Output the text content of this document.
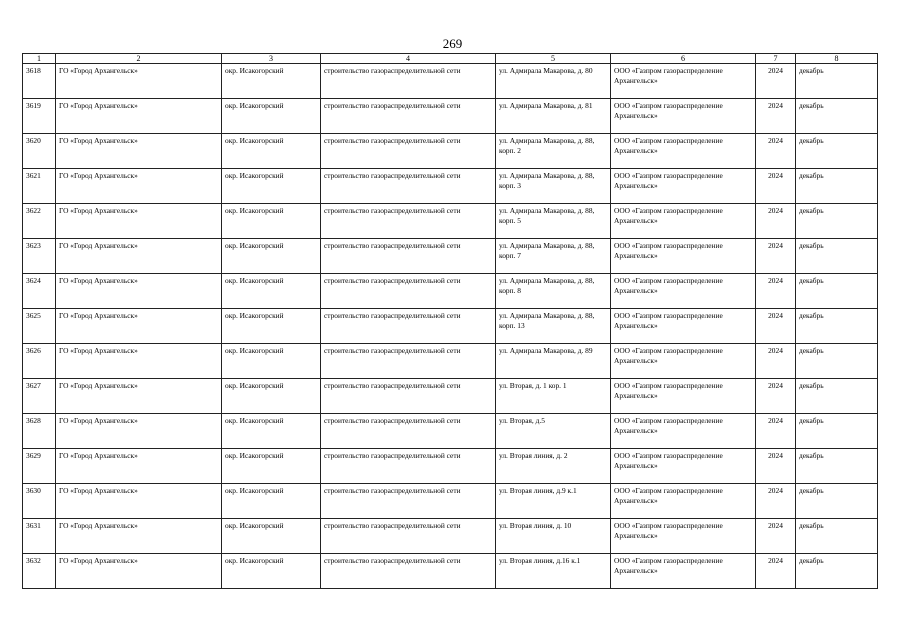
269
1	2	3	4	5	6	7	8
3618	ГО «Город Архангельск»	окр. Исакогорский	строительство газораспределительной сети	ул. Адмирала Макарова, д. 80	ООО «Газпром газораспределение Архангельск»	2024	декабрь
3619	ГО «Город Архангельск»	окр. Исакогорский	строительство газораспределительной сети	ул. Адмирала Макарова, д. 81	ООО «Газпром газораспределение Архангельск»	2024	декабрь
3620	ГО «Город Архангельск»	окр. Исакогорский	строительство газораспределительной сети	ул. Адмирала Макарова, д. 88, корп. 2	ООО «Газпром газораспределение Архангельск»	2024	декабрь
3621	ГО «Город Архангельск»	окр. Исакогорский	строительство газораспределительной сети	ул. Адмирала Макарова, д. 88, корп. 3	ООО «Газпром газораспределение Архангельск»	2024	декабрь
3622	ГО «Город Архангельск»	окр. Исакогорский	строительство газораспределительной сети	ул. Адмирала Макарова, д. 88, корп. 5	ООО «Газпром газораспределение Архангельск»	2024	декабрь
3623	ГО «Город Архангельск»	окр. Исакогорский	строительство газораспределительной сети	ул. Адмирала Макарова, д. 88, корп. 7	ООО «Газпром газораспределение Архангельск»	2024	декабрь
3624	ГО «Город Архангельск»	окр. Исакогорский	строительство газораспределительной сети	ул. Адмирала Макарова, д. 88, корп. 8	ООО «Газпром газораспределение Архангельск»	2024	декабрь
3625	ГО «Город Архангельск»	окр. Исакогорский	строительство газораспределительной сети	ул. Адмирала Макарова, д. 88, корп. 13	ООО «Газпром газораспределение Архангельск»	2024	декабрь
3626	ГО «Город Архангельск»	окр. Исакогорский	строительство газораспределительной сети	ул. Адмирала Макарова, д. 89	ООО «Газпром газораспределение Архангельск»	2024	декабрь
3627	ГО «Город Архангельск»	окр. Исакогорский	строительство газораспределительной сети	ул. Вторая, д. 1 кор. 1	ООО «Газпром газораспределение Архангельск»	2024	декабрь
3628	ГО «Город Архангельск»	окр. Исакогорский	строительство газораспределительной сети	ул. Вторая, д.5	ООО «Газпром газораспределение Архангельск»	2024	декабрь
3629	ГО «Город Архангельск»	окр. Исакогорский	строительство газораспределительной сети	ул. Вторая линия, д. 2	ООО «Газпром газораспределение Архангельск»	2024	декабрь
3630	ГО «Город Архангельск»	окр. Исакогорский	строительство газораспределительной сети	ул. Вторая линия, д.9 к.1	ООО «Газпром газораспределение Архангельск»	2024	декабрь
3631	ГО «Город Архангельск»	окр. Исакогорский	строительство газораспределительной сети	ул. Вторая линия, д. 10	ООО «Газпром газораспределение Архангельск»	2024	декабрь
3632	ГО «Город Архангельск»	окр. Исакогорский	строительство газораспределительной сети	ул. Вторая линия, д.16 к.1	ООО «Газпром газораспределение Архангельск»	2024	декабрь
